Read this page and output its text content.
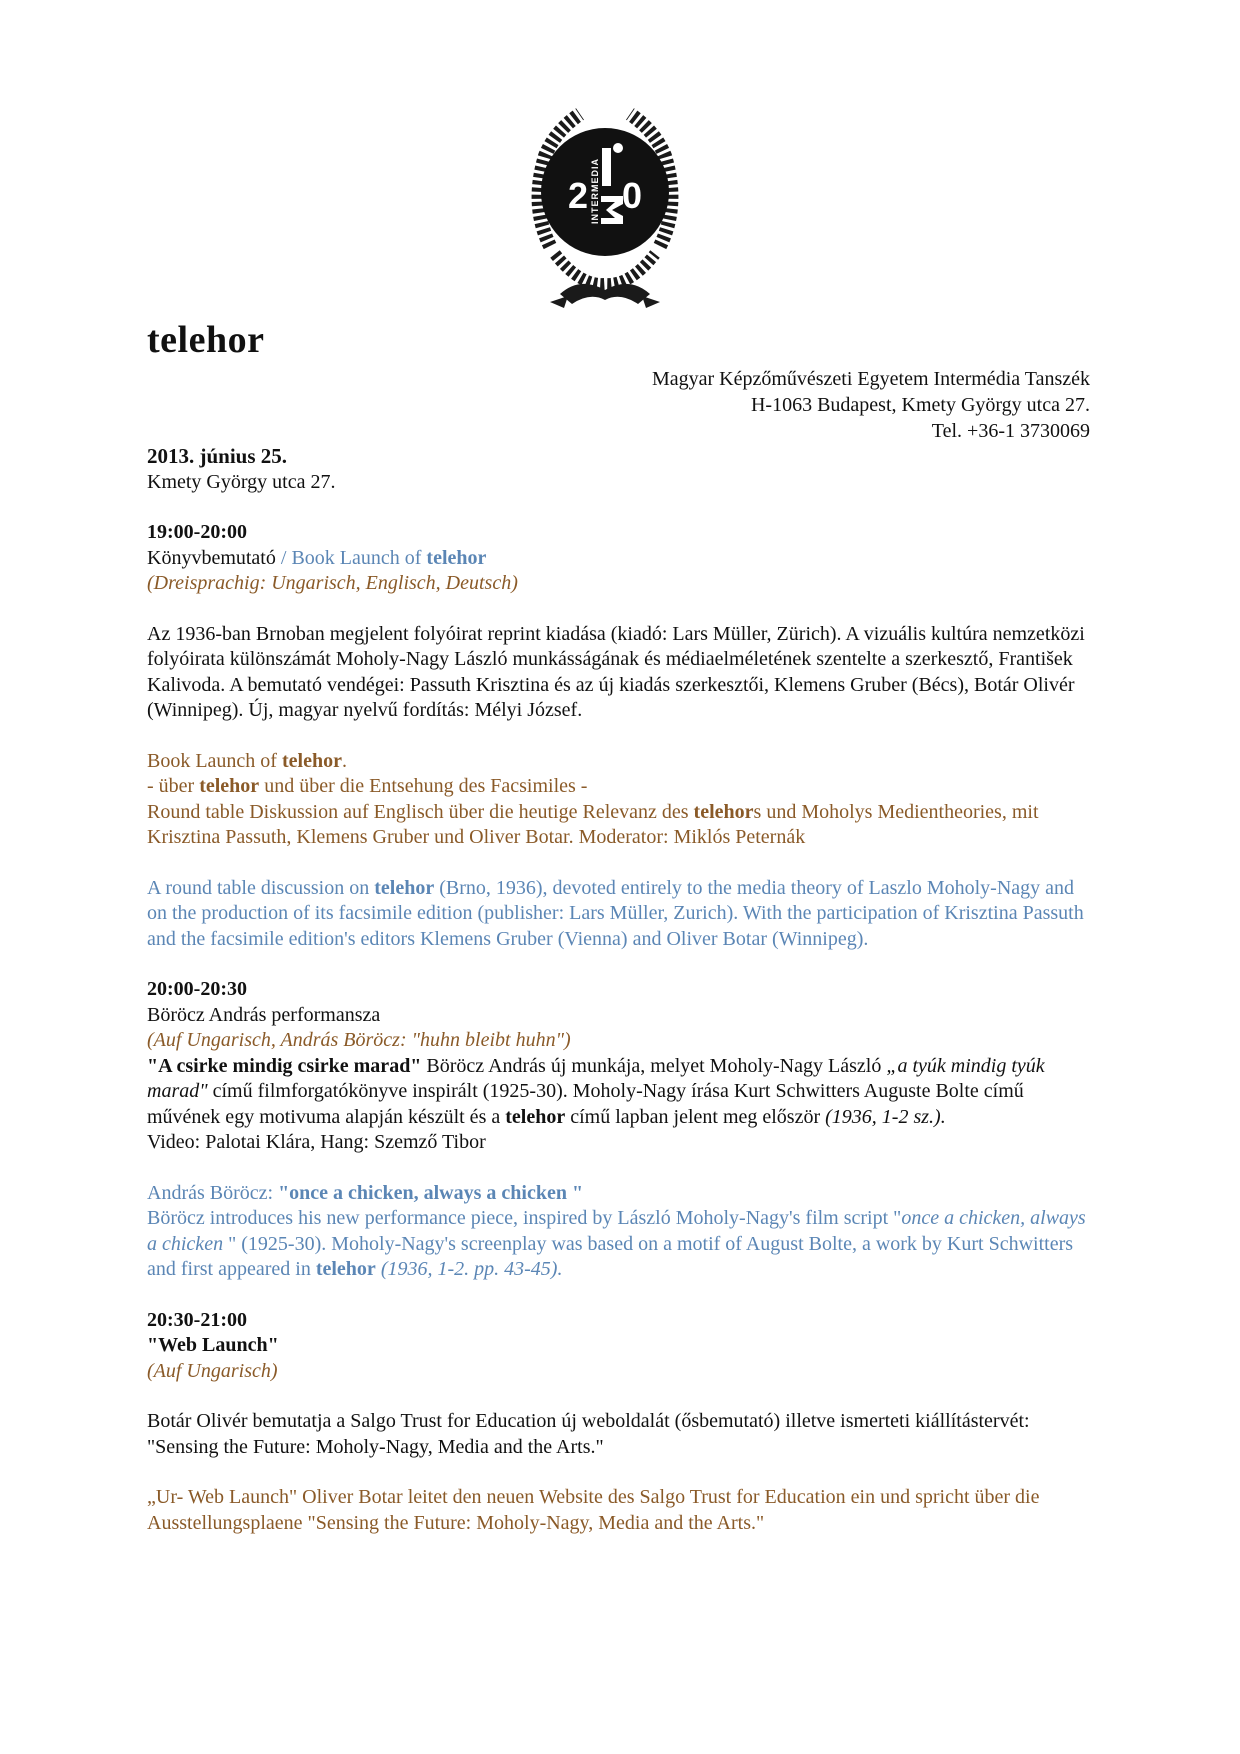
2 0
INTERMEDIA
telehor
Magyar Képzőművészeti Egyetem Intermédia Tanszék
H-1063 Budapest, Kmety György utca 27.
Tel. +36-1 3730069

2013. június 25.

Kmety György utca 27.

19:00-20:00

Könyvbemutató / Book Launch of telehor

(Dreisprachig: Ungarisch, Englisch, Deutsch)

Az 1936-ban Brnoban megjelent folyóirat reprint kiadása (kiadó: Lars Müller, Zürich). A vizuális kultúra nemzetközi folyóirata különszámát Moholy-Nagy László munkásságának és médiaelméletének szentelte a szerkesztő, František Kalivoda. A bemutató vendégei: Passuth Krisztina és az új kiadás szerkesztői, Klemens Gruber (Bécs), Botár Olivér (Winnipeg). Új, magyar nyelvű fordítás: Mélyi József.

Book Launch of telehor.
- über telehor und über die Entsehung des Facsimiles -
Round table Diskussion auf Englisch über die heutige Relevanz des telehors und Moholys Medientheories, mit Krisztina Passuth, Klemens Gruber und Oliver Botar. Moderator: Miklós Peternák

A round table discussion on telehor (Brno, 1936), devoted entirely to the media theory of Laszlo Moholy-Nagy and on the production of its facsimile edition (publisher: Lars Müller, Zurich). With the participation of Krisztina Passuth and the facsimile edition's editors Klemens Gruber (Vienna) and Oliver Botar (Winnipeg).

20:00-20:30

Böröcz András performansza

(Auf Ungarisch, András Böröcz: "huhn bleibt huhn")

"A csirke mindig csirke marad" Böröcz András új munkája, melyet Moholy-Nagy László „a tyúk mindig tyúk marad" című filmforgatókönyve inspirált (1925-30). Moholy-Nagy írása Kurt Schwitters Auguste Bolte című művének egy motivuma alapján készült és a telehor című lapban jelent meg először (1936, 1-2 sz.).

Video: Palotai Klára, Hang: Szemző Tibor

András Böröcz: "once a chicken, always a chicken "

Böröcz introduces his new performance piece, inspired by László Moholy-Nagy's film script "once a chicken, always a chicken " (1925-30). Moholy-Nagy's screenplay was based on a motif of August Bolte, a work by Kurt Schwitters and first appeared in telehor (1936, 1-2. pp. 43-45).

20:30-21:00

"Web Launch"

(Auf Ungarisch)

Botár Olivér bemutatja a Salgo Trust for Education új weboldalát (ősbemutató) illetve ismerteti kiállítástervét: "Sensing the Future: Moholy-Nagy, Media and the Arts."

„Ur- Web Launch" Oliver Botar leitet den neuen Website des Salgo Trust for Education ein und spricht über die Ausstellungsplaene "Sensing the Future: Moholy-Nagy, Media and the Arts."
